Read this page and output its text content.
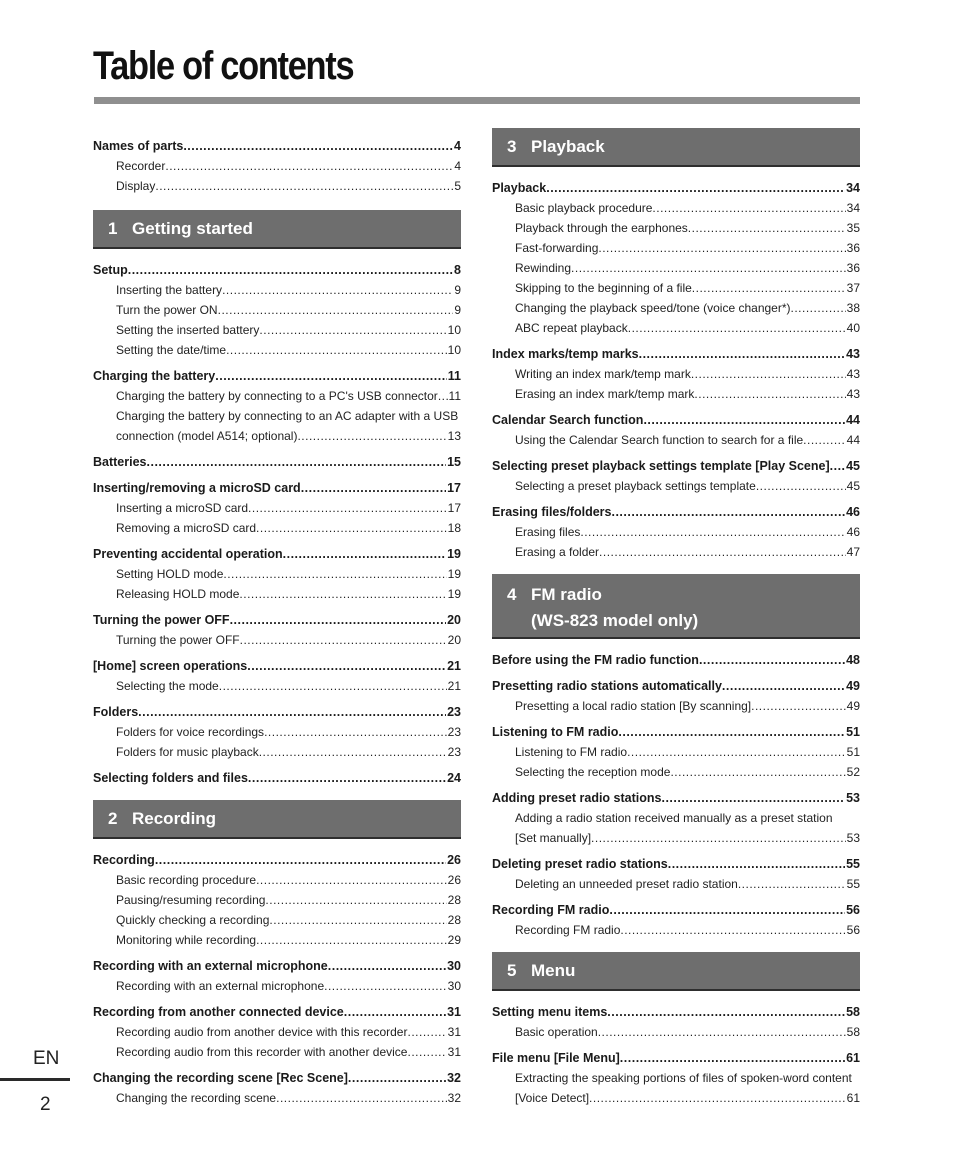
Table of contents
Names of parts .....	4
Recorder .....	4
Display .....	5
1 Getting started
Setup .....	8
Inserting the battery .....	9
Turn the power ON .....	9
Setting the inserted battery .....	10
Setting the date/time .....	10
Charging the battery .....	11
Charging the battery by connecting to a PC's USB connector ..... 11
Charging the battery by connecting to an AC adapter with a USB
connection (model A514; optional) .....	13
Batteries .....	15
Inserting/removing a microSD card .....	17
Inserting a microSD card .....	17
Removing a microSD card .....	18
Preventing accidental operation .....	19
Setting HOLD mode .....	19
Releasing HOLD mode .....	19
Turning the power OFF .....	20
Turning the power OFF .....	20
[Home] screen operations .....	21
Selecting the mode .....	21
Folders .....	23
Folders for voice recordings .....	23
Folders for music playback .....	23
Selecting folders and files .....	24
2 Recording
Recording .....	26
Basic recording procedure .....	26
Pausing/resuming recording .....	28
Quickly checking a recording .....	28
Monitoring while recording .....	29
Recording with an external microphone .....	30
Recording with an external microphone .....	30
Recording from another connected device .....	31
Recording audio from another device with this recorder .....	31
Recording audio from this recorder with another device .....	31
Changing the recording scene [Rec Scene] .....	32
Changing the recording scene .....	32
3 Playback
Playback .....	34
Basic playback procedure .....	34
Playback through the earphones .....	35
Fast-forwarding .....	36
Rewinding .....	36
Skipping to the beginning of a file .....	37
Changing the playback speed/tone (voice changer*) .....	38
ABC repeat playback .....	40
Index marks/temp marks .....	43
Writing an index mark/temp mark .....	43
Erasing an index mark/temp mark .....	43
Calendar Search function .....	44
Using the Calendar Search function to search for a file .....	44
Selecting preset playback settings template [Play Scene] ..... 45
Selecting a preset playback settings template .....	45
Erasing files/folders .....	46
Erasing files .....	46
Erasing a folder .....	47
4 FM radio
(WS-823 model only)
Before using the FM radio function .....	48
Presetting radio stations automatically .....	49
Presetting a local radio station [By scanning] .....	49
Listening to FM radio .....	51
Listening to FM radio .....	51
Selecting the reception mode .....	52
Adding preset radio stations .....	53
Adding a radio station received manually as a preset station
[Set manually] .....	53
Deleting preset radio stations .....	55
Deleting an unneeded preset radio station .....	55
Recording FM radio .....	56
Recording FM radio .....	56
5 Menu
Setting menu items .....	58
Basic operation .....	58
File menu [File Menu] .....	61
Extracting the speaking portions of files of spoken-word content
[Voice Detect] .....	61
EN
2
